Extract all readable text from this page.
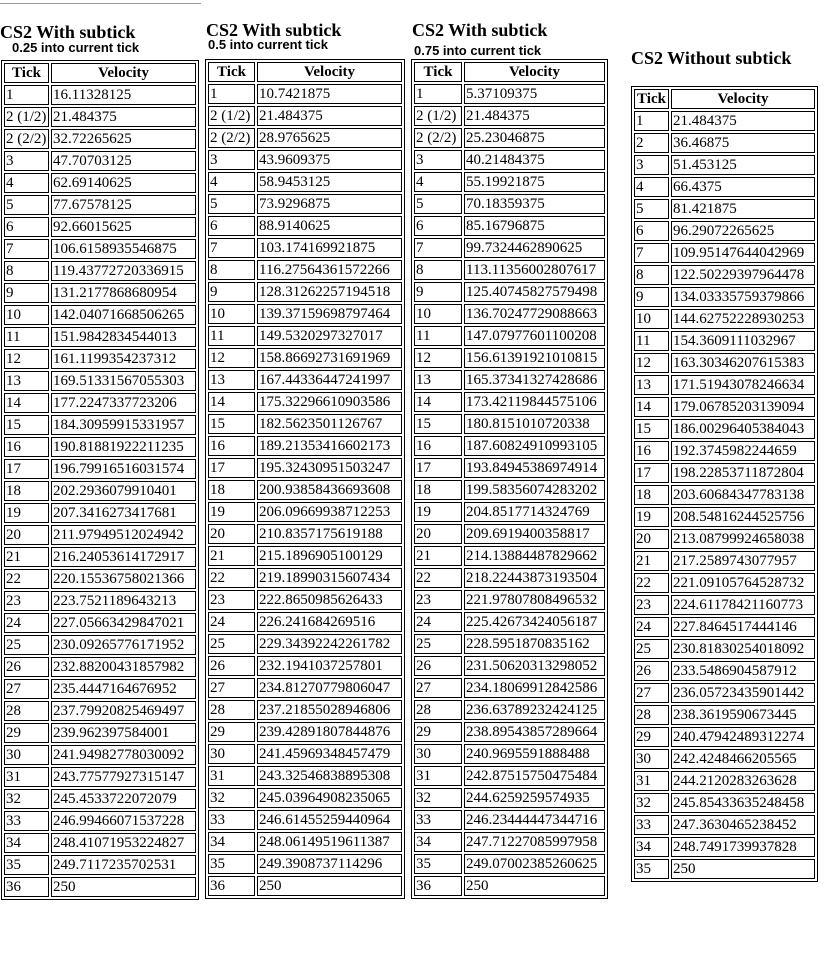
CS2 With subtick
0.25 into current tick
Tick	Velocity
1	16.11328125
2 (1/2)	21.484375
2 (2/2)	32.72265625
3	47.70703125
4	62.69140625
5	77.67578125
6	92.66015625
7	106.6158935546875
8	119.43772720336915
9	131.2177868680954
10	142.04071668506265
11	151.9842834544013
12	161.1199354237312
13	169.51331567055303
14	177.2247337723206
15	184.30959915331957
16	190.81881922211235
17	196.79916516031574
18	202.2936079910401
19	207.3416273417681
20	211.97949512024942
21	216.24053614172917
22	220.15536758021366
23	223.7521189643213
24	227.05663429847021
25	230.09265776171952
26	232.88200431857982
27	235.4447164676952
28	237.79920825469497
29	239.962397584001
30	241.94982778030092
31	243.77577927315147
32	245.4533722072079
33	246.99466071537228
34	248.41071953224827
35	249.7117235702531
36	250
CS2 With subtick
0.5 into current tick
Tick	Velocity
1	10.7421875
2 (1/2)	21.484375
2 (2/2)	28.9765625
3	43.9609375
4	58.9453125
5	73.9296875
6	88.9140625
7	103.174169921875
8	116.27564361572266
9	128.31262257194518
10	139.37159698797464
11	149.5320297327017
12	158.86692731691969
13	167.44336447241997
14	175.32296610903586
15	182.5623501126767
16	189.21353416602173
17	195.32430951503247
18	200.93858436693608
19	206.09669938712253
20	210.8357175619188
21	215.1896905100129
22	219.18990315607434
23	222.8650985626433
24	226.241684269516
25	229.34392242261782
26	232.1941037257801
27	234.81270779806047
28	237.21855028946806
29	239.42891807844876
30	241.45969348457479
31	243.32546838895308
32	245.03964908235065
33	246.61455259440964
34	248.06149519611387
35	249.3908737114296
36	250
CS2 With subtick
0.75 into current tick
Tick	Velocity
1	5.37109375
2 (1/2)	21.484375
2 (2/2)	25.23046875
3	40.21484375
4	55.19921875
5	70.18359375
6	85.16796875
7	99.7324462890625
8	113.11356002807617
9	125.40745827579498
10	136.70247729088663
11	147.07977601100208
12	156.61391921010815
13	165.37341327428686
14	173.42119844575106
15	180.8151010720338
16	187.60824910993105
17	193.84945386974914
18	199.58356074283202
19	204.8517714324769
20	209.6919400358817
21	214.13884487829662
22	218.22443873193504
23	221.97807808496532
24	225.42673424056187
25	228.5951870835162
26	231.50620313298052
27	234.18069912842586
28	236.63789232424125
29	238.89543857289664
30	240.9695591888488
31	242.87515750475484
32	244.6259259574935
33	246.23444447344716
34	247.71227085997958
35	249.07002385260625
36	250
CS2 Without subtick
Tick	Velocity
1	21.484375
2	36.46875
3	51.453125
4	66.4375
5	81.421875
6	96.29072265625
7	109.95147644042969
8	122.50229397964478
9	134.03335759379866
10	144.62752228930253
11	154.3609111032967
12	163.30346207615383
13	171.51943078246634
14	179.06785203139094
15	186.00296405384043
16	192.3745982244659
17	198.22853711872804
18	203.60684347783138
19	208.54816244525756
20	213.08799924658038
21	217.2589743077957
22	221.09105764528732
23	224.61178421160773
24	227.8464517444146
25	230.81830254018092
26	233.5486904587912
27	236.05723435901442
28	238.3619590673445
29	240.47942489312274
30	242.4248466205565
31	244.2120283263628
32	245.85433635248458
33	247.3630465238452
34	248.7491739937828
35	250
